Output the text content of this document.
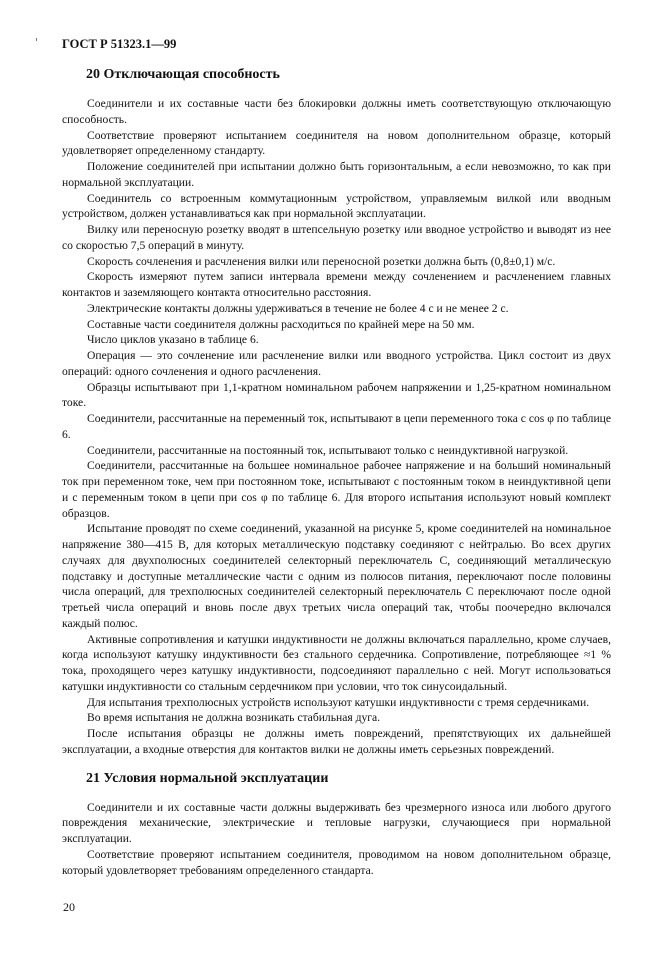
ГОСТ Р 51323.1—99
20 Отключающая способность

Соединители и их составные части без блокировки должны иметь соответствующую отключающую способность.

Соответствие проверяют испытанием соединителя на новом дополнительном образце, который удовлетворяет определенному стандарту.

Положение соединителей при испытании должно быть горизонтальным, а если невозможно, то как при нормальной эксплуатации.

Соединитель со встроенным коммутационным устройством, управляемым вилкой или вводным устройством, должен устанавливаться как при нормальной эксплуатации.

Вилку или переносную розетку вводят в штепсельную розетку или вводное устройство и выводят из нее со скоростью 7,5 операций в минуту.

Скорость сочленения и расчленения вилки или переносной розетки должна быть (0,8±0,1) м/с.

Скорость измеряют путем записи интервала времени между сочленением и расчленением главных контактов и заземляющего контакта относительно расстояния.

Электрические контакты должны удерживаться в течение не более 4 с и не менее 2 с.

Составные части соединителя должны расходиться по крайней мере на 50 мм.

Число циклов указано в таблице 6.

Операция — это сочленение или расчленение вилки или вводного устройства. Цикл состоит из двух операций: одного сочленения и одного расчленения.

Образцы испытывают при 1,1-кратном номинальном рабочем напряжении и 1,25-кратном номинальном токе.

Соединители, рассчитанные на переменный ток, испытывают в цепи переменного тока с cos φ по таблице 6.

Соединители, рассчитанные на постоянный ток, испытывают только с неиндуктивной нагрузкой.

Соединители, рассчитанные на большее номинальное рабочее напряжение и на больший номинальный ток при переменном токе, чем при постоянном токе, испытывают с постоянным током в неиндуктивной цепи и с переменным током в цепи при cos φ по таблице 6. Для второго испытания используют новый комплект образцов.

Испытание проводят по схеме соединений, указанной на рисунке 5, кроме соединителей на номинальное напряжение 380—415 В, для которых металлическую подставку соединяют с нейтралью. Во всех других случаях для двухполюсных соединителей селекторный переключатель C, соединяющий металлическую подставку и доступные металлические части с одним из полюсов питания, переключают после половины числа операций, для трехполюсных соединителей селекторный переключатель C переключают после одной третьей числа операций и вновь после двух третьих числа операций так, чтобы поочередно включался каждый полюс.

Активные сопротивления и катушки индуктивности не должны включаться параллельно, кроме случаев, когда используют катушку индуктивности без стального сердечника. Сопротивление, потребляющее ≈1 % тока, проходящего через катушку индуктивности, подсоединяют параллельно с ней. Могут использоваться катушки индуктивности со стальным сердечником при условии, что ток синусоидальный.

Для испытания трехполюсных устройств используют катушки индуктивности с тремя сердечниками.

Во время испытания не должна возникать стабильная дуга.

После испытания образцы не должны иметь повреждений, препятствующих их дальнейшей эксплуатации, а входные отверстия для контактов вилки не должны иметь серьезных повреждений.

21 Условия нормальной эксплуатации

Соединители и их составные части должны выдерживать без чрезмерного износа или любого другого повреждения механические, электрические и тепловые нагрузки, случающиеся при нормальной эксплуатации.

Соответствие проверяют испытанием соединителя, проводимом на новом дополнительном образце, который удовлетворяет требованиям определенного стандарта.

20
